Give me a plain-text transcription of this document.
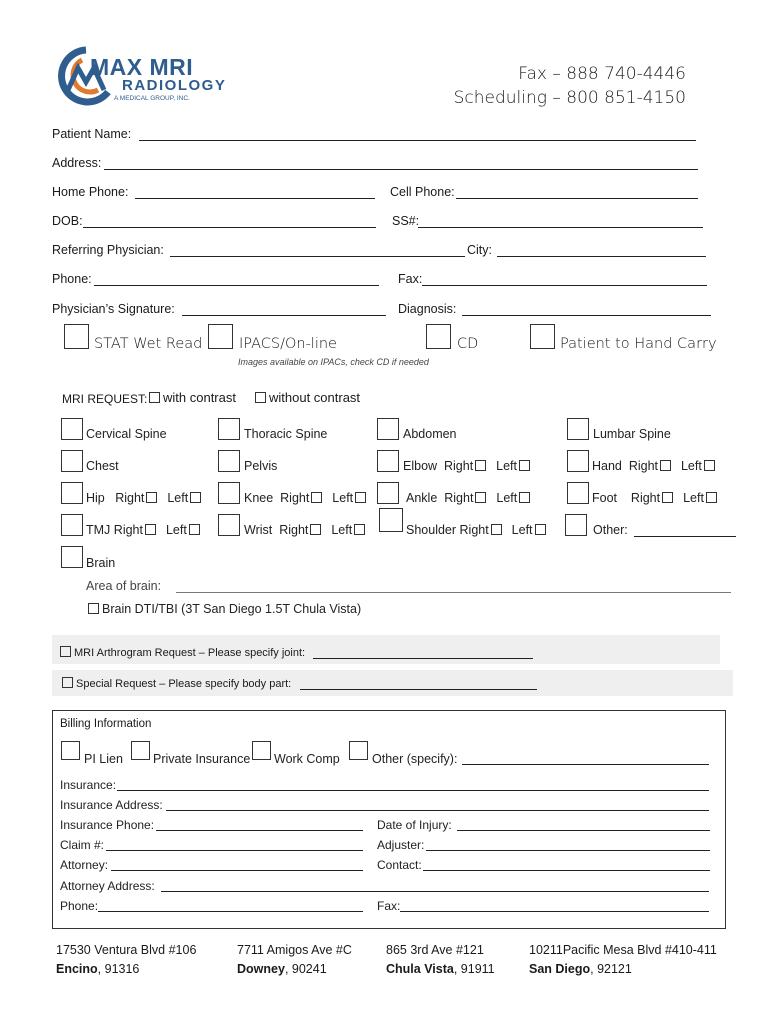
MAX MRI
RADIOLOGY
A MEDICAL GROUP, INC.
Fax – 888 740-4446
Scheduling – 800 851-4150
Patient Name:
Address:
Home Phone:	Cell Phone:
DOB:	SS#:
Referring Physician:	City:
Phone:	Fax:
Physician’s Signature:	Diagnosis:
STAT Wet Read	IPACS/On-line	CD	Patient to Hand Carry
Images available on IPACs, check CD if needed
MRI REQUEST:	with contrast	without contrast
Cervical Spine	Thoracic Spine	Abdomen	Lumbar Spine
Chest	Pelvis	Elbow Right Left	Hand Right Left
Hip Right Left	Knee Right Left	Ankle Right Left	Foot Right Left
TMJ Right Left	Wrist Right Left	Shoulder Right Left	Other:
Brain
Area of brain:
Brain DTI/TBI (3T San Diego 1.5T Chula Vista)
MRI Arthrogram Request – Please specify joint:
Special Request – Please specify body part:
Billing Information
PI Lien Private Insurance Work Comp	Other (specify):
Insurance:
Insurance Address:
Insurance Phone:	Date of Injury:
Claim #:	Adjuster:
Attorney:	Contact:
Attorney Address:
Phone:	Fax:
17530 Ventura Blvd #106
Encino, 91316
7711 Amigos Ave #C
Downey, 90241
865 3rd Ave #121
Chula Vista, 91911
10211Pacific Mesa Blvd #410-411
San Diego, 92121
